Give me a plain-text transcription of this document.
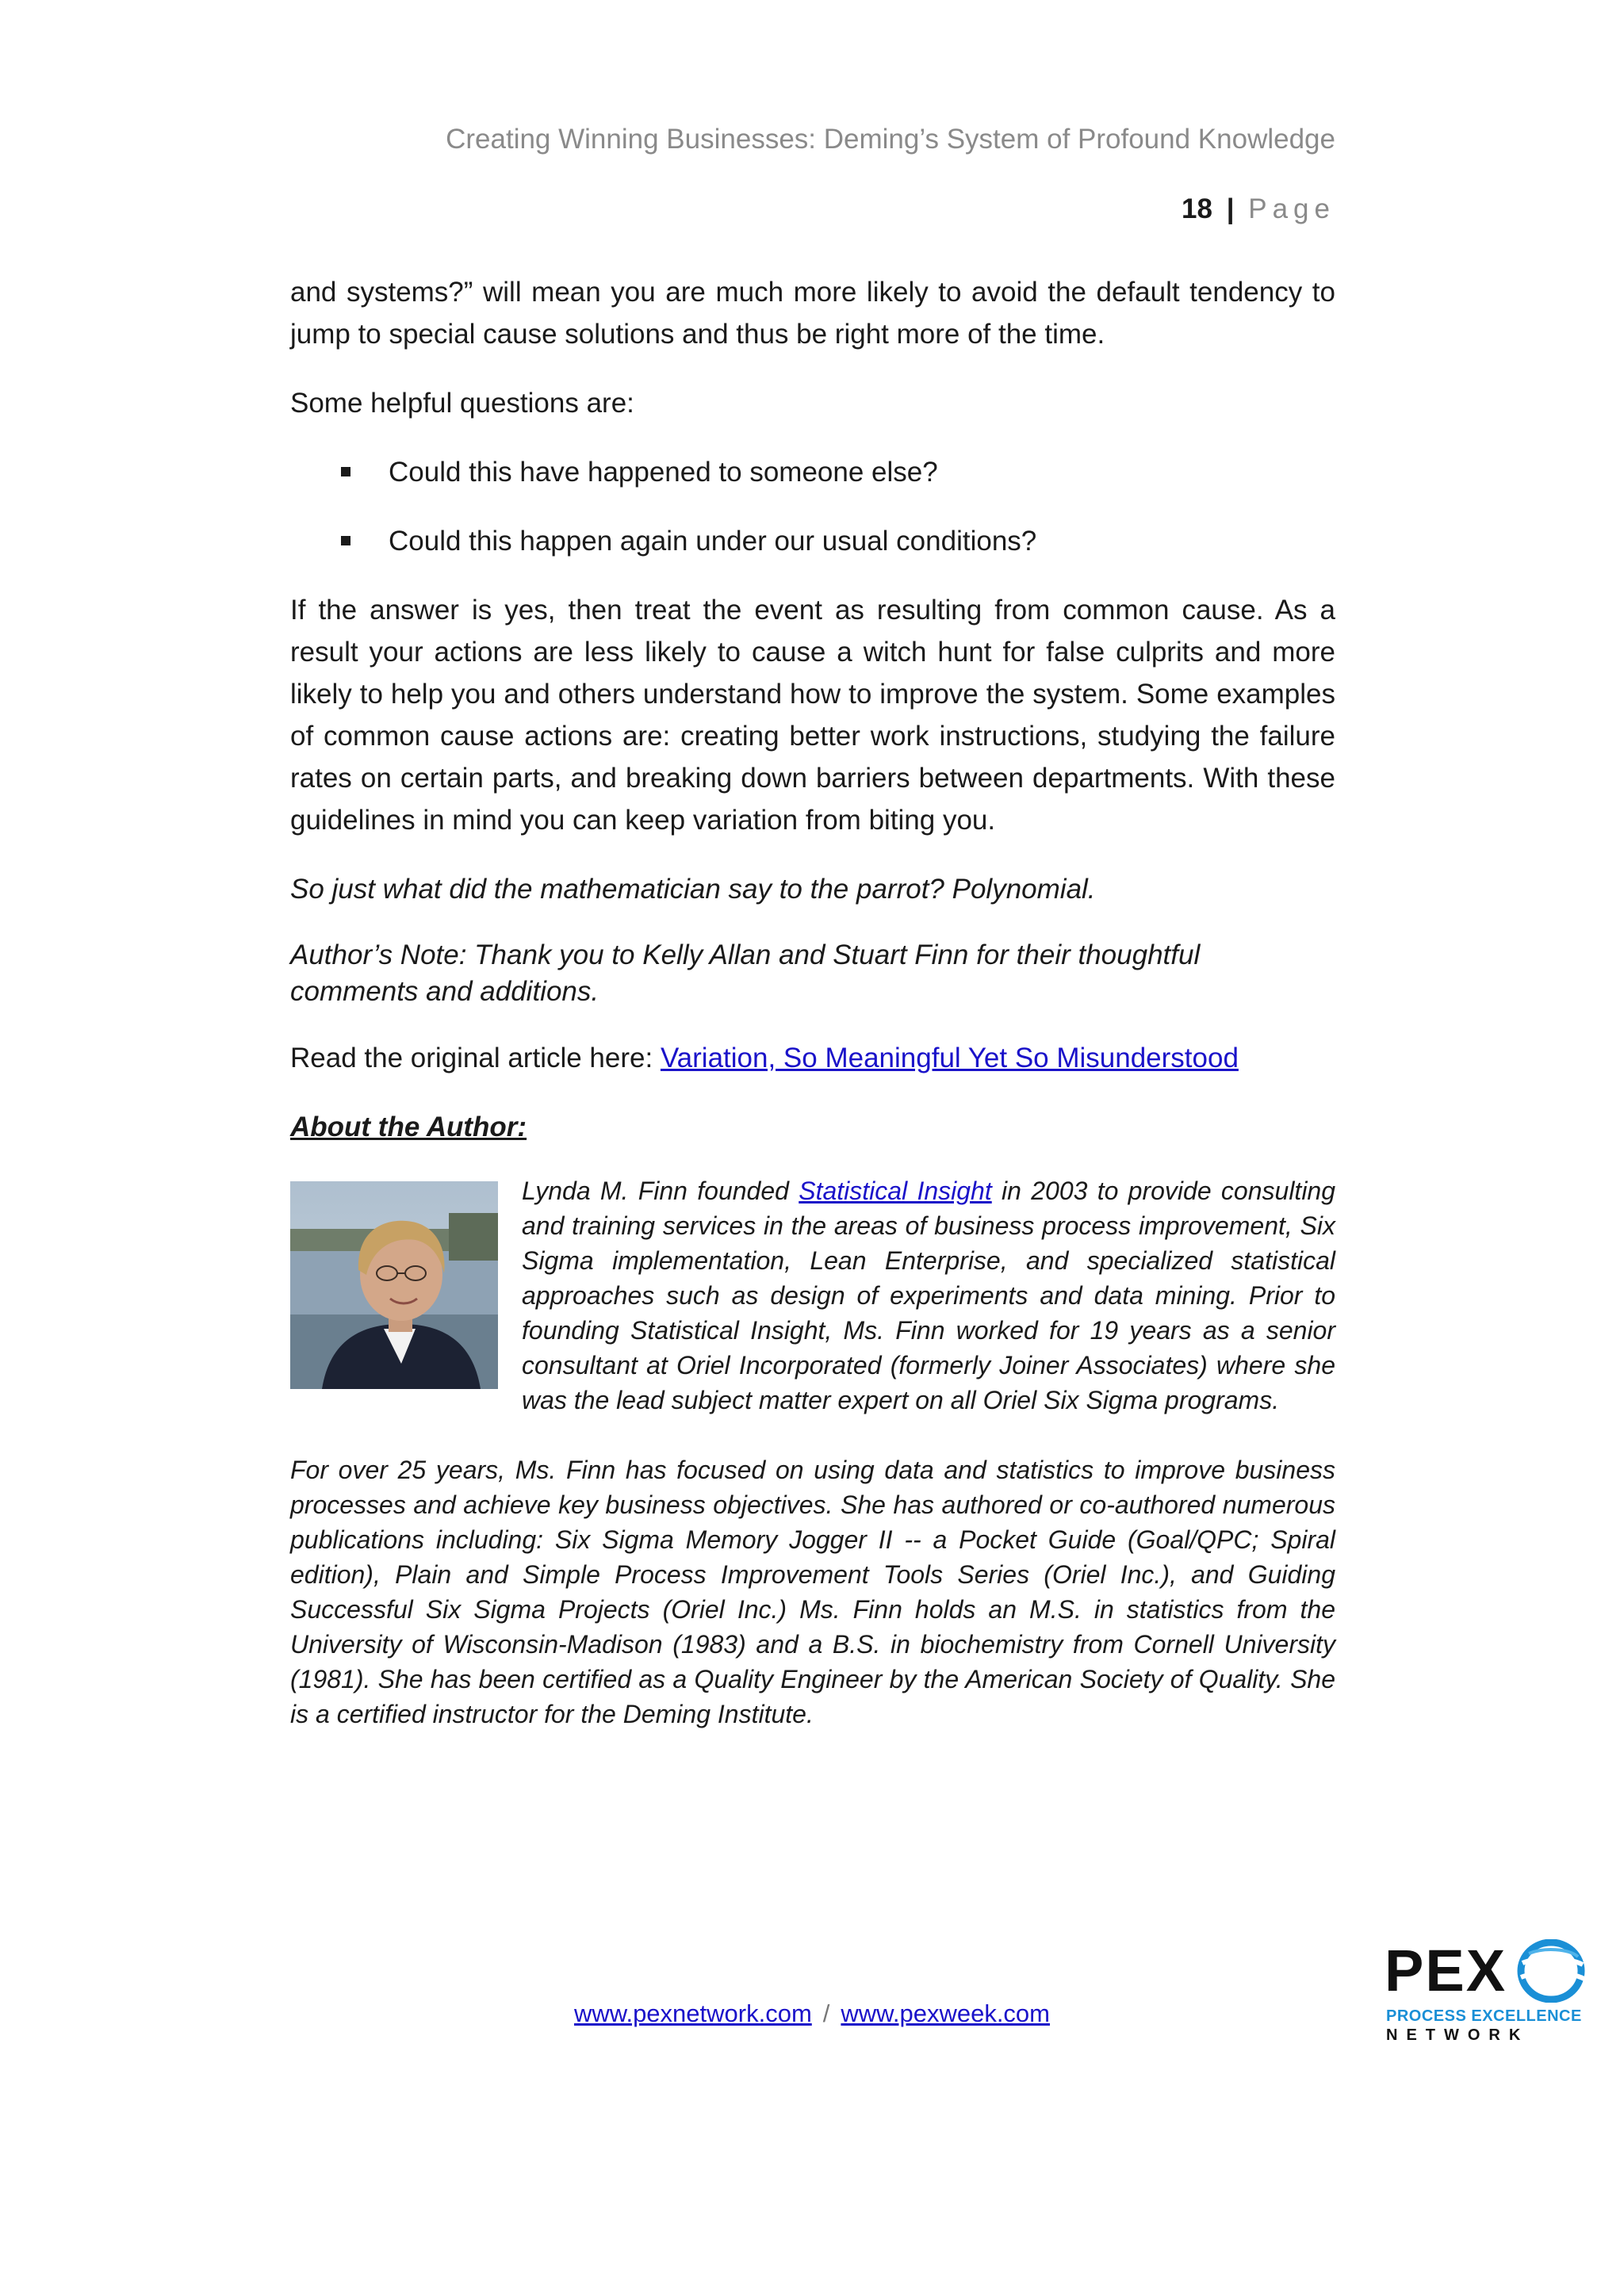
Creating Winning Businesses: Deming’s System of Profound Knowledge
18 | Page

and systems?” will mean you are much more likely to avoid the default tendency to jump to special cause solutions and thus be right more of the time.

Some helpful questions are:

Could this have happened to someone else?
Could this happen again under our usual conditions?

If the answer is yes, then treat the event as resulting from common cause. As a result your actions are less likely to cause a witch hunt for false culprits and more likely to help you and others understand how to improve the system. Some examples of common cause actions are: creating better work instructions, studying the failure rates on certain parts, and breaking down barriers between departments. With these guidelines in mind you can keep variation from biting you.

So just what did the mathematician say to the parrot? Polynomial.

Author’s Note: Thank you to Kelly Allan and Stuart Finn for their thoughtful
comments and additions.

Read the original article here: Variation, So Meaningful Yet So Misunderstood

About the Author:

Lynda M. Finn founded Statistical Insight in 2003 to provide consulting and training services in the areas of business process improvement, Six Sigma implementation, Lean Enterprise, and specialized statistical approaches such as design of experiments and data mining. Prior to founding Statistical Insight, Ms. Finn worked for 19 years as a senior consultant at Oriel Incorporated (formerly Joiner Associates) where she was the lead subject matter expert on all Oriel Six Sigma programs.

For over 25 years, Ms. Finn has focused on using data and statistics to improve business processes and achieve key business objectives. She has authored or co-authored numerous publications including: Six Sigma Memory Jogger II -- a Pocket Guide (Goal/QPC; Spiral edition), Plain and Simple Process Improvement Tools Series (Oriel Inc.), and Guiding Successful Six Sigma Projects (Oriel Inc.) Ms. Finn holds an M.S. in statistics from the University of Wisconsin-Madison (1983) and a B.S. in biochemistry from Cornell University (1981). She has been certified as a Quality Engineer by the American Society of Quality. She is a certified instructor for the Deming Institute.

www.pexnetwork.com / www.pexweek.com
PEX
PROCESS EXCELLENCE
NETWORK
